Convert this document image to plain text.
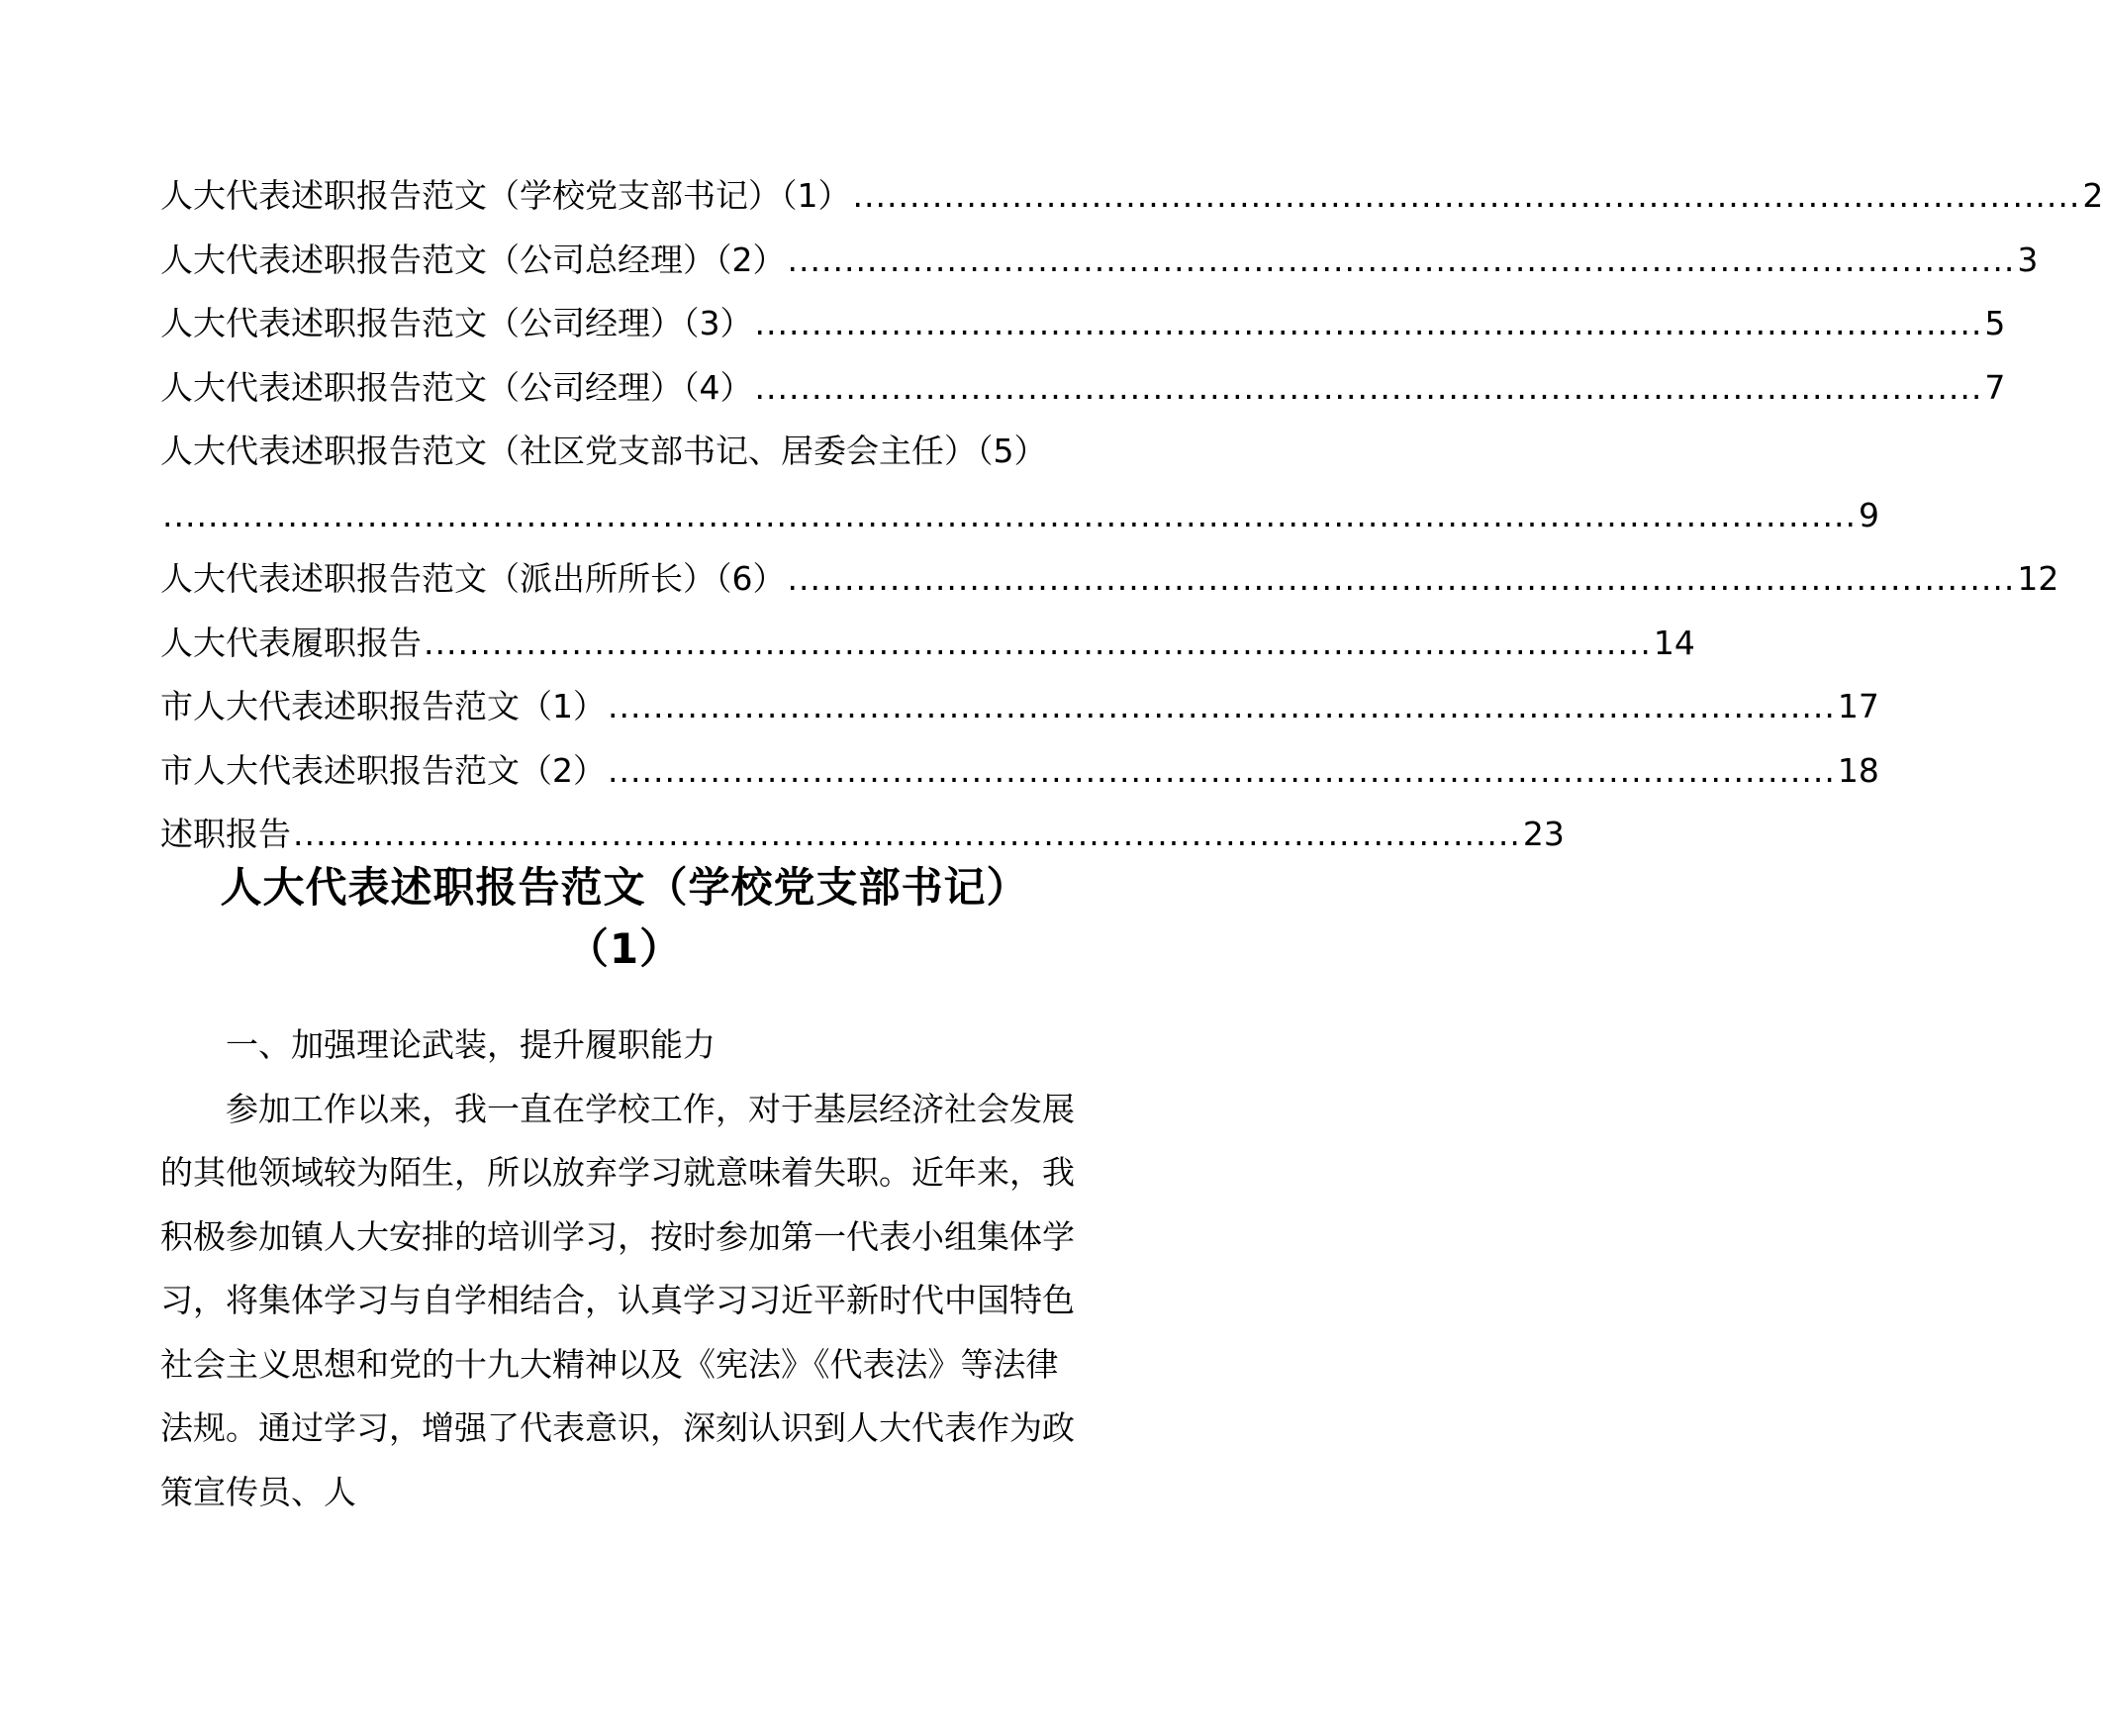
人大代表述职报告范文（学校党支部书记）（1） ............................................................................................................ 2
人大代表述职报告范文（公司总经理）（2） ............................................................................................................ 3
人大代表述职报告范文（公司经理）（3） ............................................................................................................ 5
人大代表述职报告范文（公司经理）（4） ............................................................................................................ 7
人大代表述职报告范文（社区党支部书记、居委会主任）（5）
..................................................................................................................................................... 9
人大代表述职报告范文（派出所所长）（6） ............................................................................................................ 12
人大代表履职报告 ............................................................................................................ 14
市人大代表述职报告范文（1） ............................................................................................................ 17
市人大代表述职报告范文（2） ............................................................................................................ 18
述职报告 ............................................................................................................ 23
人大代表述职报告范文（学校党支部书记）
（1）
一、加强理论武装，提升履职能力

参加工作以来，我一直在学校工作，对于基层经济社会发展的其他领域较为陌生，所以放弃学习就意味着失职。近年来，我积极参加镇人大安排的培训学习，按时参加第一代表小组集体学习，将集体学习与自学相结合，认真学习习近平新时代中国特色社会主义思想和党的十九大精神以及《宪法》《代表法》等法律法规。通过学习，增强了代表意识，深刻认识到人大代表作为政策宣传员、人
